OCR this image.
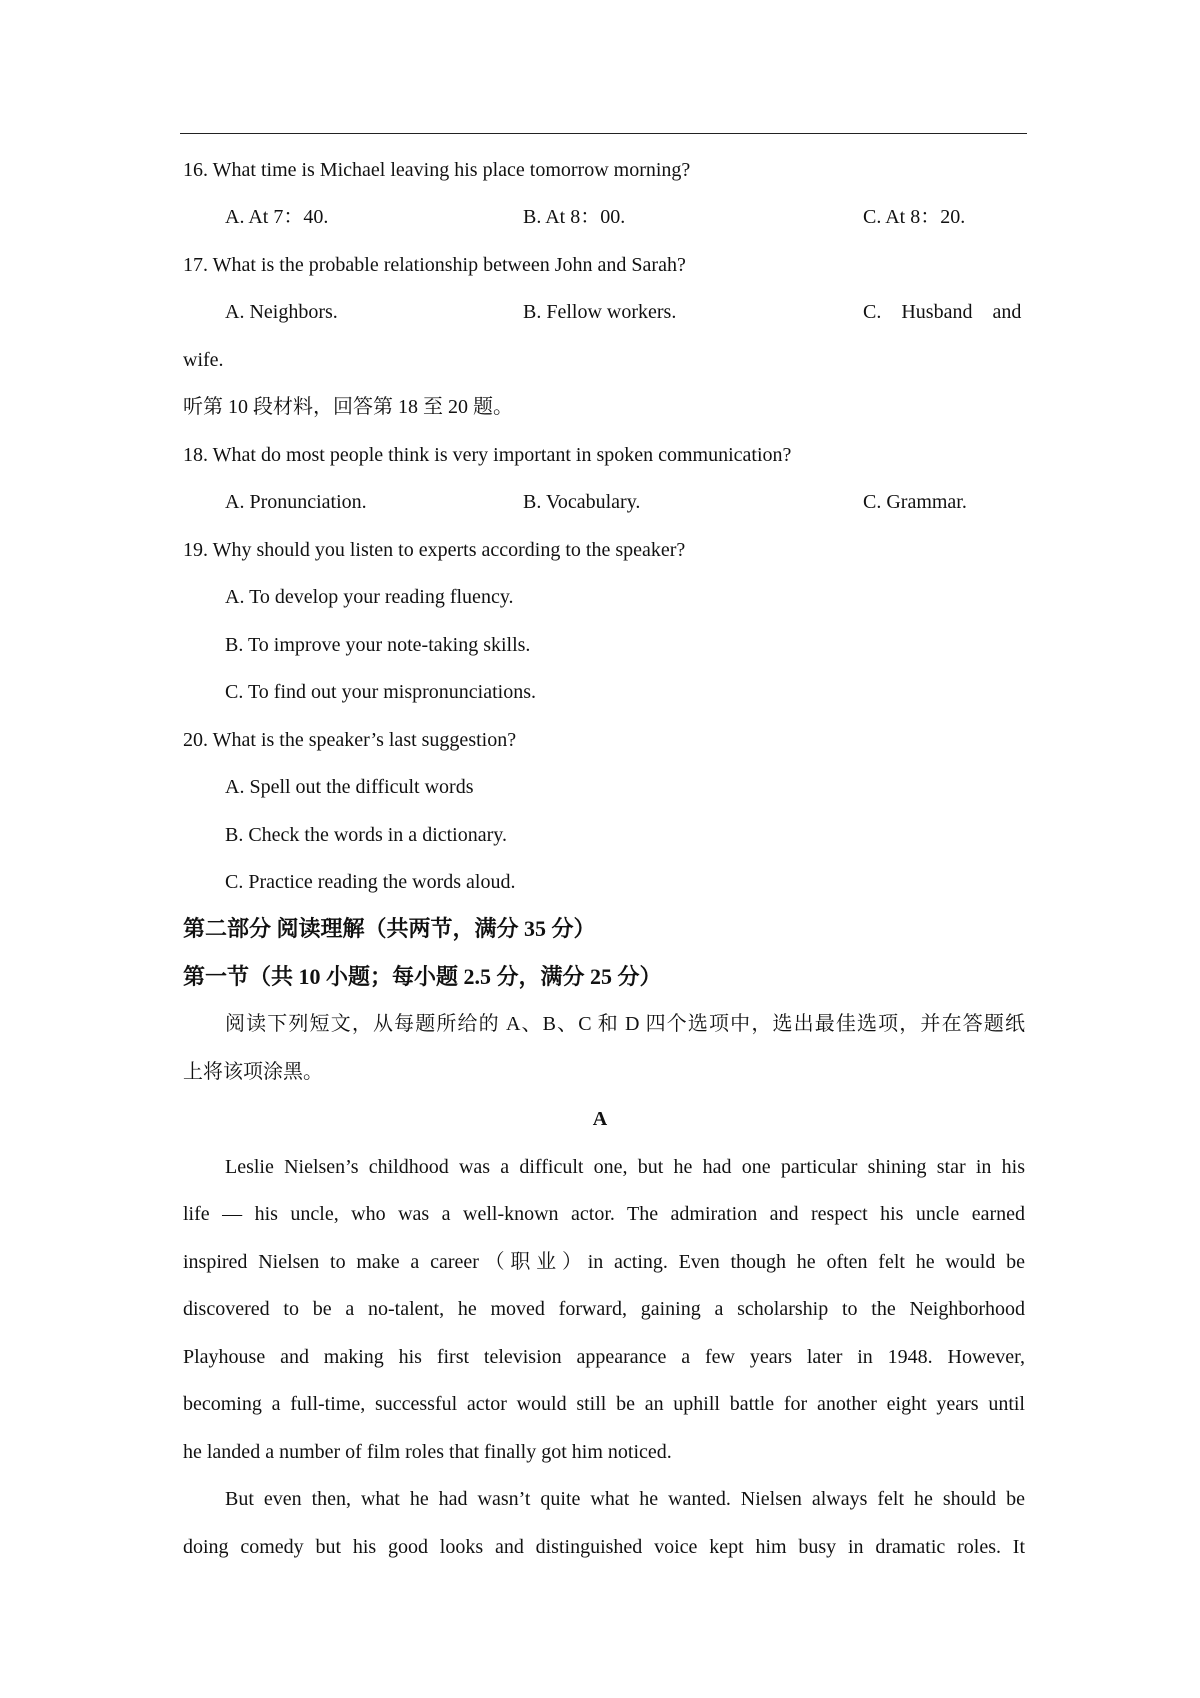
16. What time is Michael leaving his place tomorrow morning?
A. At 7：40.	B. At 8：00.	C. At 8：20.
17. What is the probable relationship between John and Sarah?
A. Neighbors.	B. Fellow workers.	C.    Husband    and
wife.
听第 10 段材料，回答第 18 至 20 题。
18. What do most people think is very important in spoken communication?
A. Pronunciation.	B. Vocabulary.	C. Grammar.
19. Why should you listen to experts according to the speaker?
A. To develop your reading fluency.
B. To improve your note-taking skills.
C. To find out your mispronunciations.
20. What is the speaker’s last suggestion?
A. Spell out the difficult words
B. Check the words in a dictionary.
C. Practice reading the words aloud.
第二部分 阅读理解（共两节，满分 35 分）
第一节（共 10 小题；每小题 2.5 分，满分 25 分）
阅读下列短文，从每题所给的 A、B、C 和 D 四个选项中，选出最佳选项，并在答题纸
上将该项涂黑。
A
Leslie Nielsen’s childhood was a difficult one, but he had one particular shining star in his
life — his uncle, who was a well-known actor. The admiration and respect his uncle earned
inspired Nielsen to make a career（职业）in acting. Even though he often felt he would be
discovered to be a no-talent, he moved forward, gaining a scholarship to the Neighborhood
Playhouse and making his first television appearance a few years later in 1948. However,
becoming a full-time, successful actor would still be an uphill battle for another eight years until
he landed a number of film roles that finally got him noticed.
But even then, what he had wasn’t quite what he wanted. Nielsen always felt he should be
doing comedy but his good looks and distinguished voice kept him busy in dramatic roles. It
